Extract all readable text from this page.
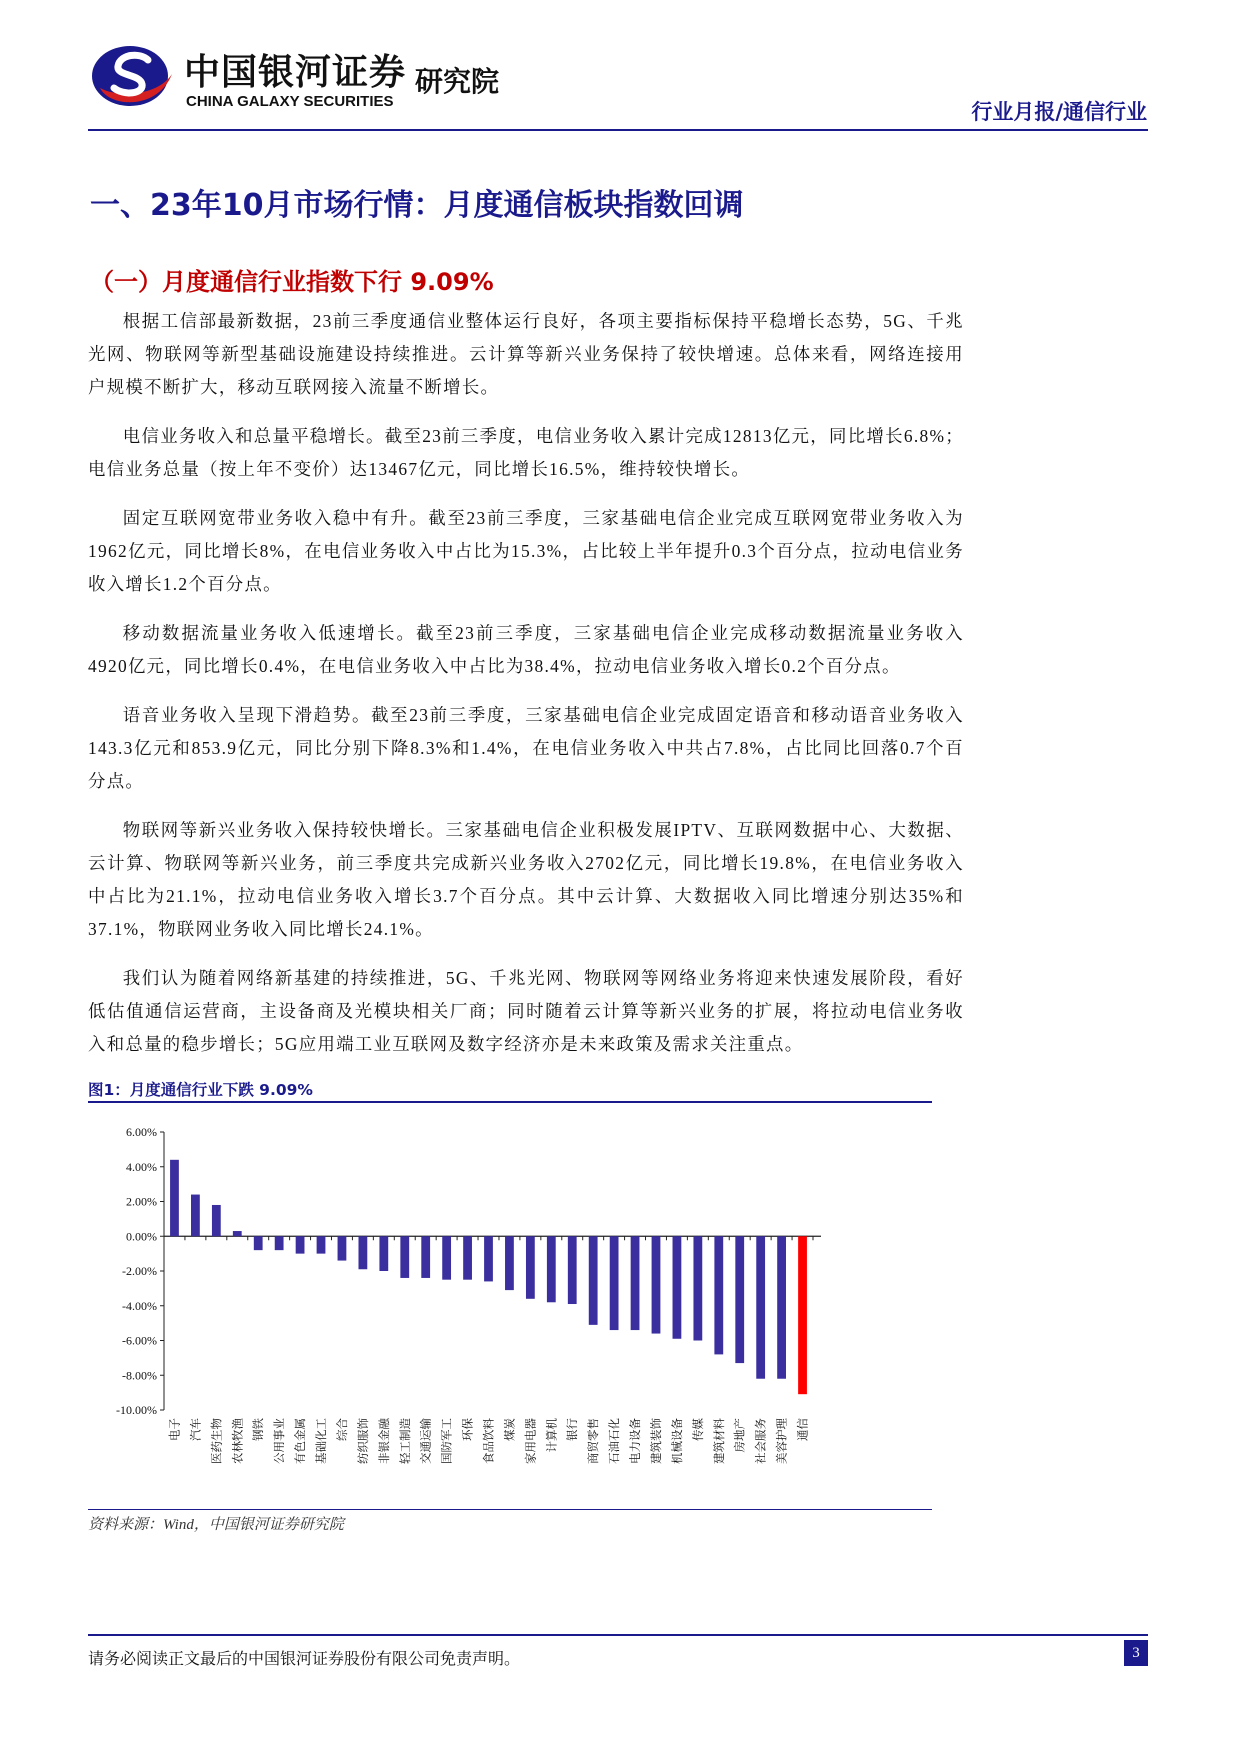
中国银河证券
CHINA GALAXY SECURITIES
研究院
行业月报/通信行业
一、23年10月市场行情：月度通信板块指数回调
（一）月度通信行业指数下行 9.09%

根据工信部最新数据，23前三季度通信业整体运行良好，各项主要指标保持平稳增长态势，5G、千兆光网、物联网等新型基础设施建设持续推进。云计算等新兴业务保持了较快增速。总体来看，网络连接用户规模不断扩大，移动互联网接入流量不断增长。

电信业务收入和总量平稳增长。截至23前三季度，电信业务收入累计完成12813亿元，同比增长6.8%；电信业务总量（按上年不变价）达13467亿元，同比增长16.5%，维持较快增长。

固定互联网宽带业务收入稳中有升。截至23前三季度，三家基础电信企业完成互联网宽带业务收入为1962亿元，同比增长8%，在电信业务收入中占比为15.3%，占比较上半年提升0.3个百分点，拉动电信业务收入增长1.2个百分点。

移动数据流量业务收入低速增长。截至23前三季度，三家基础电信企业完成移动数据流量业务收入4920亿元，同比增长0.4%，在电信业务收入中占比为38.4%，拉动电信业务收入增长0.2个百分点。

语音业务收入呈现下滑趋势。截至23前三季度，三家基础电信企业完成固定语音和移动语音业务收入143.3亿元和853.9亿元，同比分别下降8.3%和1.4%，在电信业务收入中共占7.8%，占比同比回落0.7个百分点。

物联网等新兴业务收入保持较快增长。三家基础电信企业积极发展IPTV、互联网数据中心、大数据、云计算、物联网等新兴业务，前三季度共完成新兴业务收入2702亿元，同比增长19.8%，在电信业务收入中占比为21.1%，拉动电信业务收入增长3.7个百分点。其中云计算、大数据收入同比增速分别达35%和37.1%，物联网业务收入同比增长24.1%。

我们认为随着网络新基建的持续推进，5G、千兆光网、物联网等网络业务将迎来快速发展阶段，看好低估值通信运营商，主设备商及光模块相关厂商；同时随着云计算等新兴业务的扩展，将拉动电信业务收入和总量的稳步增长；5G应用端工业互联网及数字经济亦是未来政策及需求关注重点。

图1：月度通信行业下跌 9.09%
6.00%
4.00%
2.00%
0.00%
-2.00%
-4.00%
-6.00%
-8.00%
-10.00%
电子 汽车 医药生物 农林牧渔 钢铁 公用事业 有色金属 基础化工 综合 纺织服饰 非银金融 轻工制造 交通运输 国防军工 环保 食品饮料 煤炭 家用电器 计算机 银行 商贸零售 石油石化 电力设备 建筑装饰 机械设备 传媒 建筑材料 房地产 社会服务 美容护理 通信
资料来源：Wind，中国银河证券研究院
请务必阅读正文最后的中国银河证券股份有限公司免责声明。	3
